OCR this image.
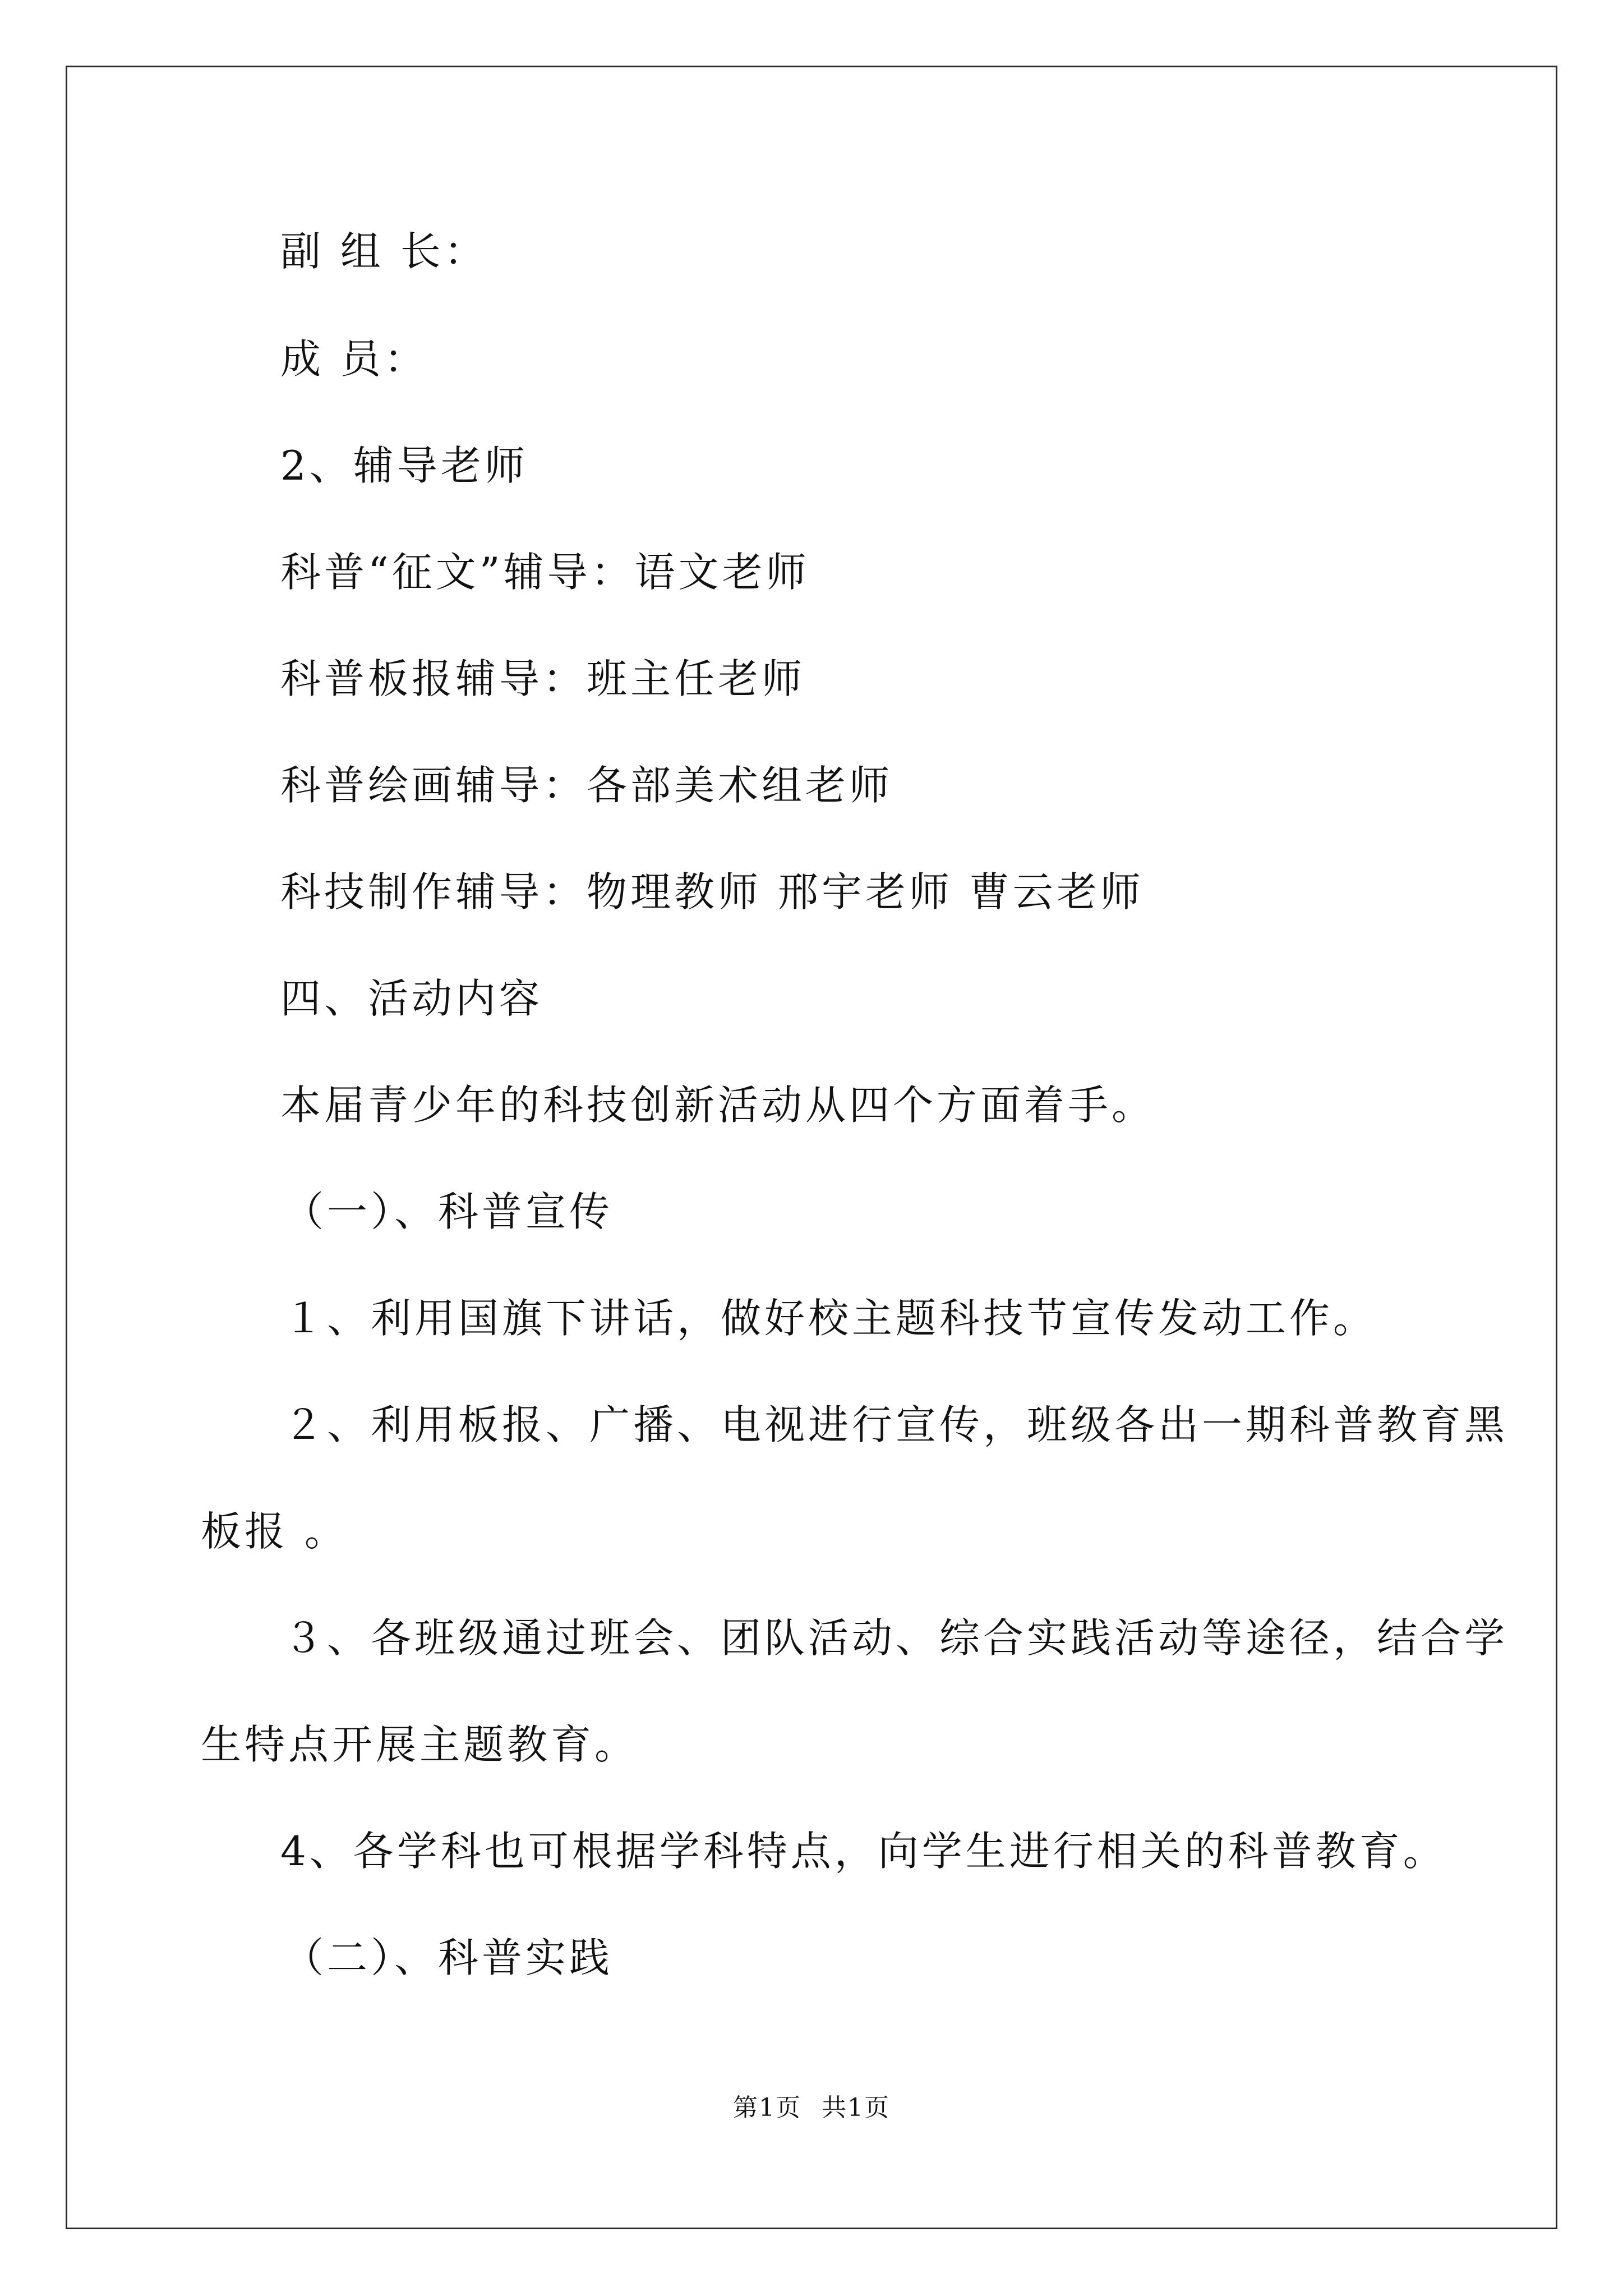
副 组 长：
成 员：
2、辅导老师
科普“征文”辅导：语文老师
科普板报辅导：班主任老师
科普绘画辅导：各部美术组老师
科技制作辅导：物理教师 邢宇老师 曹云老师
四、活动内容
本届青少年的科技创新活动从四个方面着手。
（一）、科普宣传
１、利用国旗下讲话，做好校主题科技节宣传发动工作。
２、利用板报、广播、电视进行宣传，班级各出一期科普教育黑
板报 。
３、各班级通过班会、团队活动、综合实践活动等途径，结合学
生特点开展主题教育。
4、各学科也可根据学科特点，向学生进行相关的科普教育。
（二）、科普实践
第1页 共1页
